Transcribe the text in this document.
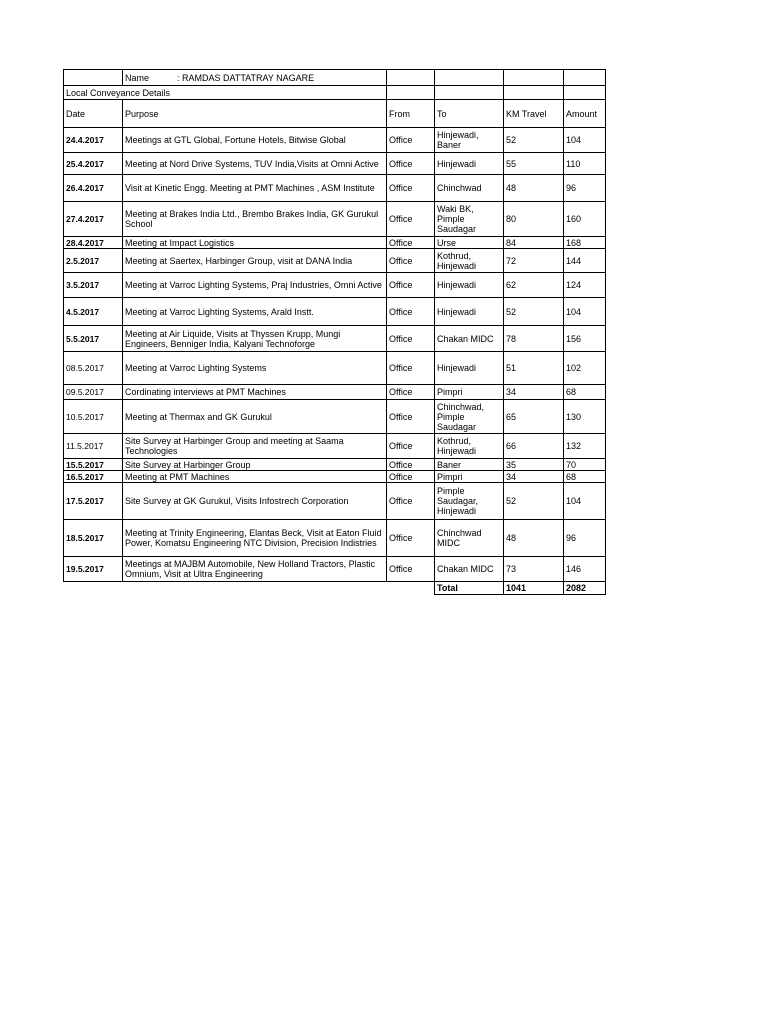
	Name : RAMDAS DATTATRAY NAGARE				
Local Conveyance Details					
Date	Purpose	From	To	KM Travel	Amount
24.4.2017	Meetings at GTL Global, Fortune Hotels, Bitwise Global	Office	Hinjewadi, Baner	52	104
25.4.2017	Meeting at Nord Drive Systems, TUV India,Visits at Omni Active	Office	Hinjewadi	55	110
26.4.2017	Visit at Kinetic Engg. Meeting at PMT Machines , ASM Institute	Office	Chinchwad	48	96
27.4.2017	Meeting at Brakes India Ltd., Brembo Brakes India, GK Gurukul School	Office	Waki BK, Pimple Saudagar	80	160
28.4.2017	Meeting at Impact Logistics	Office	Urse	84	168
2.5.2017	Meeting at Saertex, Harbinger Group, visit at DANA India	Office	Kothrud, Hinjewadi	72	144
3.5.2017	Meeting at Varroc Lighting Systems, Praj Industries, Omni Active	Office	Hinjewadi	62	124
4.5.2017	Meeting at Varroc Lighting Systems, Arald Instt.	Office	Hinjewadi	52	104
5.5.2017	Meeting at Air Liquide, Visits at Thyssen Krupp, Mungi Engineers, Benniger India, Kalyani Technoforge	Office	Chakan MIDC	78	156
08.5.2017	Meeting at Varroc Lighting Systems	Office	Hinjewadi	51	102
09.5.2017	Cordinating interviews at PMT Machines	Office	Pimpri	34	68
10.5.2017	Meeting at Thermax and GK Gurukul	Office	Chinchwad, Pimple Saudagar	65	130
11.5.2017	Site Survey at Harbinger Group and meeting at Saama Technologies	Office	Kothrud, Hinjewadi	66	132
15.5.2017	Site Survey at Harbinger Group	Office	Baner	35	70
16.5.2017	Meeting at PMT Machines	Office	Pimpri	34	68
17.5.2017	Site Survey at GK Gurukul, Visits Infostrech Corporation	Office	Pimple Saudagar, Hinjewadi	52	104
18.5.2017	Meeting at Trinity Engineering, Elantas Beck, Visit at Eaton Fluid Power, Komatsu Engineering NTC Division, Precision Indistries	Office	Chinchwad MIDC	48	96
19.5.2017	Meetings at MAJBM Automobile, New Holland Tractors, Plastic Omnium, Visit at Ultra Engineering	Office	Chakan MIDC	73	146
			Total	1041	2082
